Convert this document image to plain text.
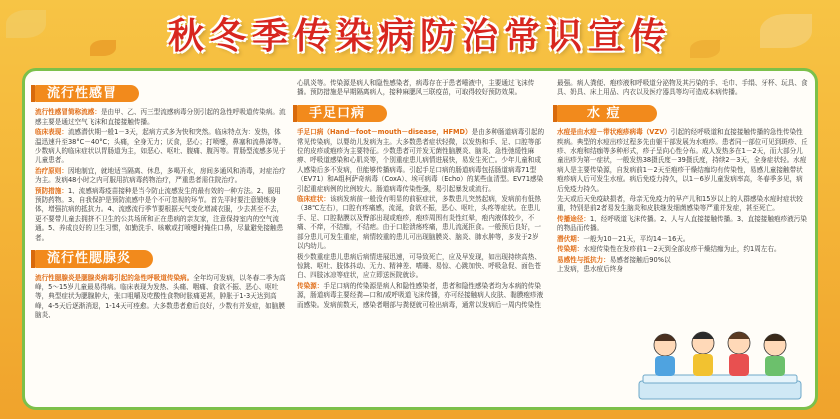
秋冬季传染病防治常识宣传
流行性感冒

流行性感冒简称流感：是由甲、乙、丙三型流感病毒分别引起的急性呼吸道传染病。流感主要是通过空气飞沫和直接接触传播。

临床表现：流感潜伏期一般1－3天，起病方式多为快和突然。临床特点为：发热，体温迅速升至38°C－40°C；头痛，全身无力；厌食，恶心；打喷嚏，鼻塞和流鼻涕等。少数病人的临床症状以胃肠道为主，如恶心、呕吐、腹痛、腹泻等。胃肠型流感多见于儿童患者。

治疗原则：因地制宜，就地适当隔离、休息，多喝开水，房间多通风和消毒，对症治疗为主。发病48小时之内可服用抗病毒药物治疗，严重患者需住院治疗。

预防措施：1、流感病毒疫苗接种是当今防止流感发生的最有效的一种方法。2、服用预防药物。3、自我保护是预防流感中是个不可忽视的环节。首先平时要注意锻炼身体，增强抗病的抵抗力。4、流感流行季节要根据天气变化增减衣服，少去甚至不去，更不要带儿童去拥挤不卫生的公共场所和正在患病的亲友家，注意保持室内的空气流通。5、养成良好的卫生习惯，如勤洗手、咳嗽或打喷嚏时掩住口鼻，尽量避免接触患者。

流行性腮腺炎

流行性腮腺炎是腮腺炎病毒引起的急性呼吸道传染病。全年均可发病，以冬春二季为高峰，5～15岁儿童最易得病。临床表现为发热、头痛、咽痛、食欲不振、恶心、呕吐等，典型症状为腮腺肿大，张口咀嚼及吃酸性食物时胀痛更甚，肿胀于1-3天达到高峰，4-5天后逐渐消退，1-14天可痊愈。大多数患者愈后良好，少数有并发症，如脑膜脑炎、

心肌炎等。传染源是病人和隐性感染者，病毒存在于患者唾液中，主要通过飞沫传播。预防措施是早期隔离病人，接种麻腮风三联疫苗，可取得较好预防效果。

手足口病

手足口病（Hand－foot－mouth－disease，HFMD）是由多种肠道病毒引起的常见传染病，以婴幼儿发病为主。大多数患者症状轻微，以发热和手、足、口腔等部位的皮疹或疱疹为主要特征。少数患者可并发无菌性脑膜炎、脑炎、急性弛缓性麻痹、呼吸道感染和心肌炎等，个别重症患儿病情进展快，易发生死亡。少年儿童和成人感染后多不发病，但能够传播病毒。引起手足口病的肠道病毒包括肠道病毒71型（EV71）和A组柯萨奇病毒（CoxA）、埃可病毒（Echo）的某些血清型。EV71感染引起重症病例的比例较大。肠道病毒传染性强，易引起暴发或流行。

临床症状：该病发病前一般没有明显的前驱症状，多数患儿突然起病，发病前有低热（38℃左右），口腔有疼痛感，流涎，食欲不振，恶心、呕吐，头疼等症状。在患儿手、足、口腔黏膜以及臀部出现或疱疹，疱疹周围有炎性红晕，疱内液体较少，不痛、不痒，不结痂，不结疤。由于口腔溃疡疼痛，患儿流涎拒食。一般预后良好，一部分患儿可发生重症，病情较重的患儿可出现脑膜炎、脑炎、肺水肿等，多发于2岁以内幼儿。

极少数重症患儿患病后病情进展迅速，可导致死亡，应及早发现，如出现持续高热、惊跳、呕吐、肢体抖动、无力、精神差、嗜睡、易惊、心跳加快、呼吸急促、面色苍白、四肢冰凉等症状，应立即送医院就诊。

传染源：手足口病的传染源是病人和隐性感染者，患者和隐性感染者均为本病的传染源，肠道病毒主要经粪—口和/或呼吸道飞沫传播，亦可经接触病人皮肤、黏膜疱疹液而感染。发病前数天，感染者咽部与粪便就可检出病毒，通常以发病后一周内传染性

最强。病人粪便、疱疹液和呼吸道分泌物及其污染的手、毛巾、手绢、牙杯、玩具、食具、奶具、床上用品、内衣以及医疗器具等均可造成本病传播。

水 痘

水痘是由水痘－带状疱疹病毒（VZV）引起的经呼吸道和直接接触传播的急性传染性疾病。典型的水痘出疹过程多先由躯干部发展为水疱疹。患者同一部位可见到斑疹、丘疹、水疱和结痂等多种形式，疹子呈向心性分布。成人发热多在1－2天，而大部分儿童出疹为第一症状，一般发热38摄氏度－39摄氏度，持续2－3天，全身症状轻。水痘病人是主要传染源，自发病前1－2天至疱疹干燥结痂均有传染性，易感儿童接触带状疱疹病人后可发生水痘。病后免疫力持久，以1－6岁儿童发病率高，冬春季多见，病后免疫力持久。

先天或后天免疫缺损者，母亲无免疫力的早产儿和15岁以上的人群感染水痘时症状较重，特别是前2者易发生脑炎和皮肤继发细菌感染等严重并发症，甚至死亡。

传播途径：1、经呼吸道飞沫传播。2、人与人直接接触传播。3、直接接触疱疹液污染的物品而传播。

潜伏期：一般为10－21天，平均14－16天。

传染期：水痘传染性在发疹前1－2天到全部皮疹干燥结痂为止，约1周左右。

易感性与抵抗力：易感者接触后90%以上发病，患水痘后终身
